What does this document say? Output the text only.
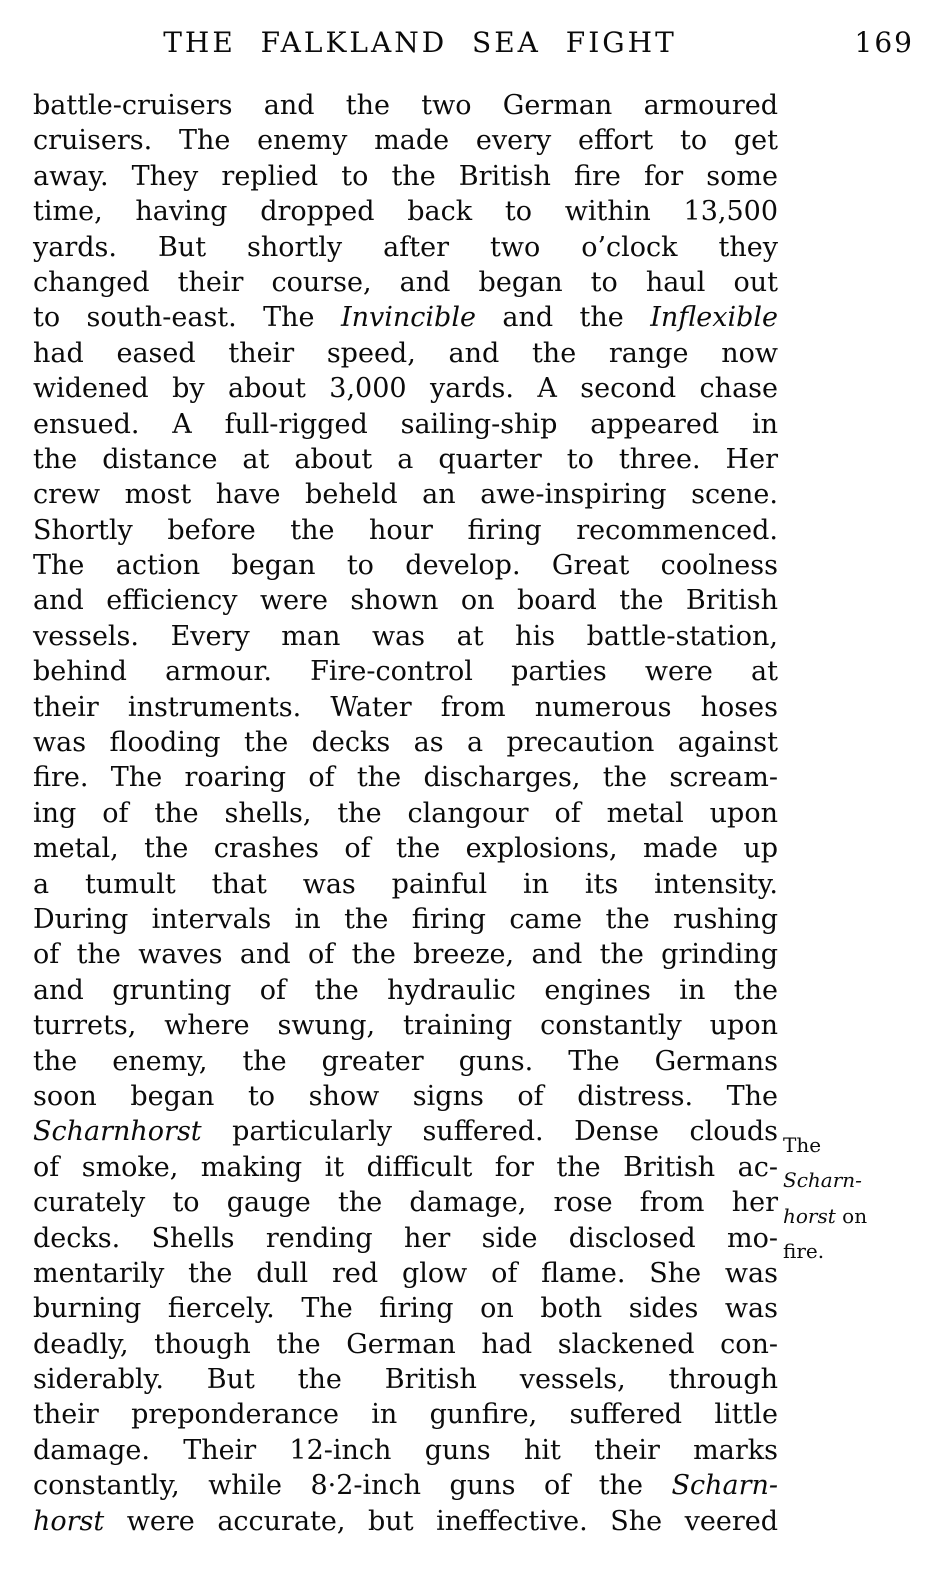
THE FALKLAND SEA FIGHT	169
battle-cruisers and the two German armoured
cruisers. The enemy made every effort to get
away. They replied to the British fire for some
time, having dropped back to within 13,500
yards. But shortly after two o’clock they
changed their course, and began to haul out
to south-east. The Invincible and the Inflexible
had eased their speed, and the range now
widened by about 3,000 yards. A second chase
ensued. A full-rigged sailing-ship appeared in
the distance at about a quarter to three. Her
crew most have beheld an awe-inspiring scene.
Shortly before the hour firing recommenced.
The action began to develop. Great coolness
and efficiency were shown on board the British
vessels. Every man was at his battle-station,
behind armour. Fire-control parties were at
their instruments. Water from numerous hoses
was flooding the decks as a precaution against
fire. The roaring of the discharges, the scream-
ing of the shells, the clangour of metal upon
metal, the crashes of the explosions, made up
a tumult that was painful in its intensity.
During intervals in the firing came the rushing
of the waves and of the breeze, and the grinding
and grunting of the hydraulic engines in the
turrets, where swung, training constantly upon
the enemy, the greater guns. The Germans
soon began to show signs of distress. The
Scharnhorst particularly suffered. Dense clouds
of smoke, making it difficult for the British ac-
curately to gauge the damage, rose from her
decks. Shells rending her side disclosed mo-
mentarily the dull red glow of flame. She was
burning fiercely. The firing on both sides was
deadly, though the German had slackened con-
siderably. But the British vessels, through
their preponderance in gunfire, suffered little
damage. Their 12-inch guns hit their marks
constantly, while 8·2-inch guns of the Scharn-
horst were accurate, but ineffective. She veered
The
Scharn-
horst on
fire.
